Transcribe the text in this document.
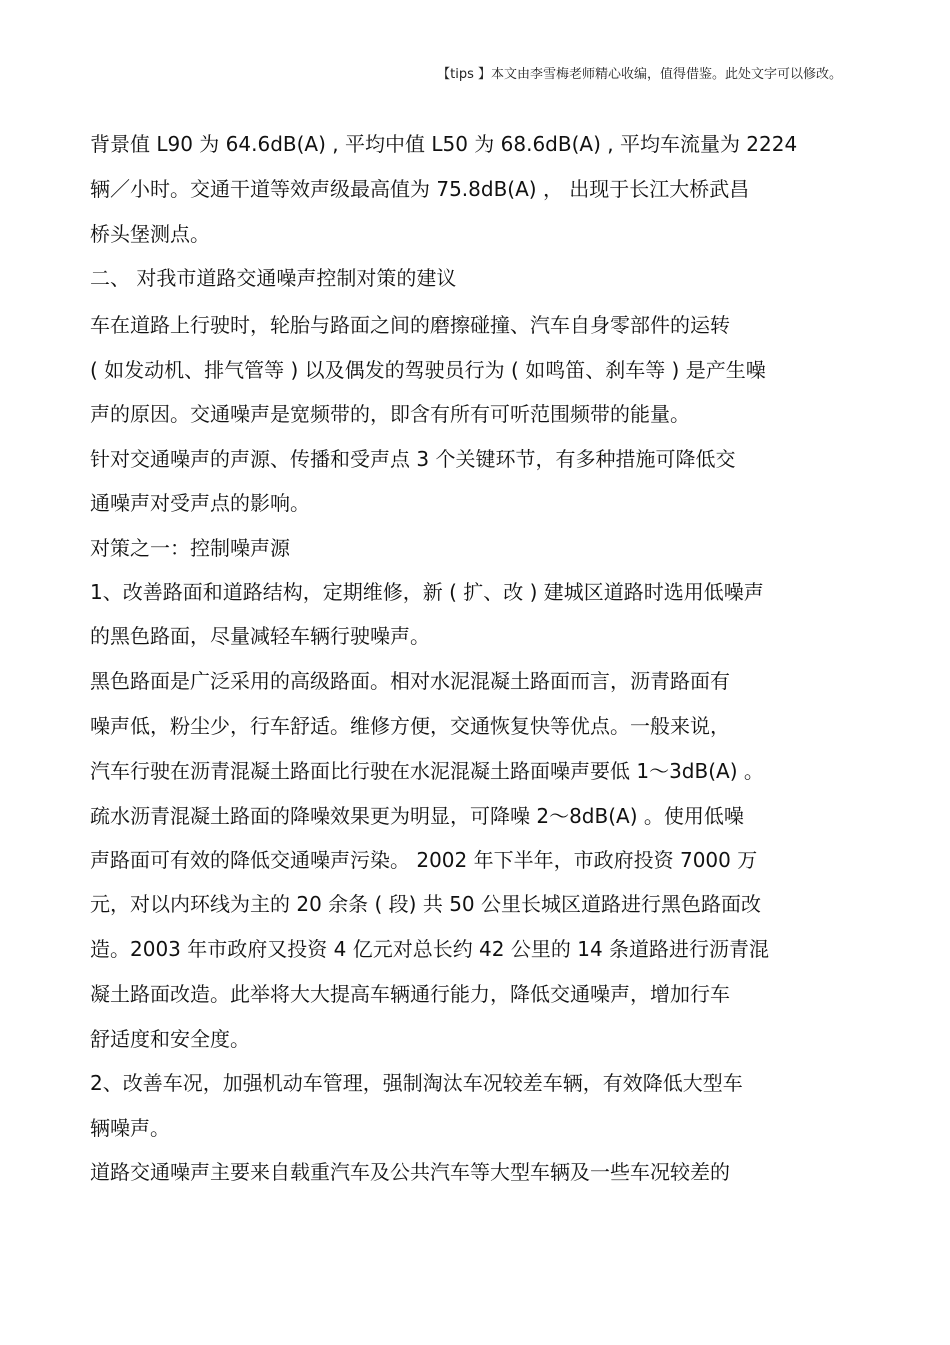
【tips 】本文由李雪梅老师精心收编，值得借鉴。此处文字可以修改。
背景值 L90 为 64.6dB(A) , 平均中值 L50 为 68.6dB(A) , 平均车流量为 2224
辆／小时。交通干道等效声级最高值为 75.8dB(A) ， 出现于长江大桥武昌
桥头堡测点。
二、 对我市道路交通噪声控制对策的建议
车在道路上行驶时，轮胎与路面之间的磨擦碰撞、汽车自身零部件的运转
( 如发动机、排气管等 ) 以及偶发的驾驶员行为 ( 如鸣笛、刹车等 ) 是产生噪
声的原因。交通噪声是宽频带的，即含有所有可听范围频带的能量。
针对交通噪声的声源、传播和受声点 3 个关键环节，有多种措施可降低交
通噪声对受声点的影响。
对策之一：控制噪声源
1、改善路面和道路结构，定期维修，新 ( 扩、改 ) 建城区道路时选用低噪声
的黑色路面，尽量减轻车辆行驶噪声。
黑色路面是广泛采用的高级路面。相对水泥混凝土路面而言，沥青路面有
噪声低，粉尘少，行车舒适。维修方便，交通恢复快等优点。一般来说，
汽车行驶在沥青混凝土路面比行驶在水泥混凝土路面噪声要低 1～3dB(A) 。
疏水沥青混凝土路面的降噪效果更为明显，可降噪 2～8dB(A) 。使用低噪
声路面可有效的降低交通噪声污染。 2002 年下半年，市政府投资 7000 万
元，对以内环线为主的 20 余条 ( 段) 共 50 公里长城区道路进行黑色路面改
造。2003 年市政府又投资 4 亿元对总长约 42 公里的 14 条道路进行沥青混
凝土路面改造。此举将大大提高车辆通行能力，降低交通噪声，增加行车
舒适度和安全度。
2、改善车况，加强机动车管理，强制淘汰车况较差车辆，有效降低大型车
辆噪声。
道路交通噪声主要来自载重汽车及公共汽车等大型车辆及一些车况较差的
